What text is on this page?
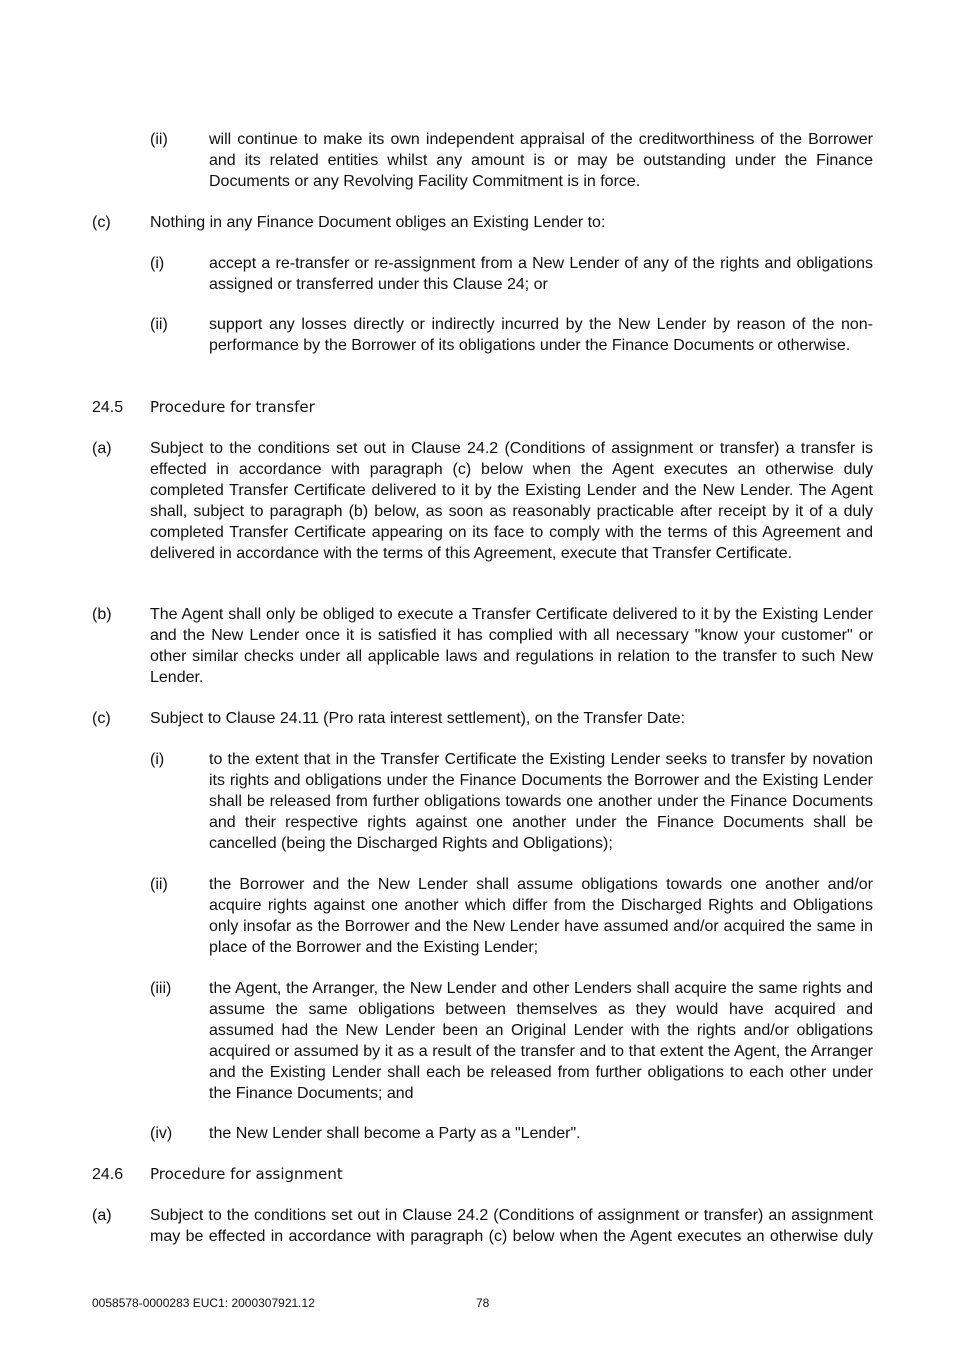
(ii)	will continue to make its own independent appraisal of the creditworthiness of the Borrower and its related entities whilst any amount is or may be outstanding under the Finance Documents or any Revolving Facility Commitment is in force.
(c) Nothing in any Finance Document obliges an Existing Lender to:
(i)	accept a re-transfer or re-assignment from a New Lender of any of the rights and obligations assigned or transferred under this Clause 24; or
(ii)	support any losses directly or indirectly incurred by the New Lender by reason of the non-performance by the Borrower of its obligations under the Finance Documents or otherwise.
24.5 Procedure for transfer
(a) Subject to the conditions set out in Clause 24.2 (Conditions of assignment or transfer) a transfer is effected in accordance with paragraph (c) below when the Agent executes an otherwise duly completed Transfer Certificate delivered to it by the Existing Lender and the New Lender. The Agent shall, subject to paragraph (b) below, as soon as reasonably practicable after receipt by it of a duly completed Transfer Certificate appearing on its face to comply with the terms of this Agreement and delivered in accordance with the terms of this Agreement, execute that Transfer Certificate.
(b) The Agent shall only be obliged to execute a Transfer Certificate delivered to it by the Existing Lender and the New Lender once it is satisfied it has complied with all necessary "know your customer" or other similar checks under all applicable laws and regulations in relation to the transfer to such New Lender.
(c) Subject to Clause 24.11 (Pro rata interest settlement), on the Transfer Date:
(i)	to the extent that in the Transfer Certificate the Existing Lender seeks to transfer by novation its rights and obligations under the Finance Documents the Borrower and the Existing Lender shall be released from further obligations towards one another under the Finance Documents and their respective rights against one another under the Finance Documents shall be cancelled (being the Discharged Rights and Obligations);
(ii)	the Borrower and the New Lender shall assume obligations towards one another and/or acquire rights against one another which differ from the Discharged Rights and Obligations only insofar as the Borrower and the New Lender have assumed and/or acquired the same in place of the Borrower and the Existing Lender;
(iii) the Agent, the Arranger, the New Lender and other Lenders shall acquire the same rights and assume the same obligations between themselves as they would have acquired and assumed had the New Lender been an Original Lender with the rights and/or obligations acquired or assumed by it as a result of the transfer and to that extent the Agent, the Arranger and the Existing Lender shall each be released from further obligations to each other under the Finance Documents; and
(iv) the New Lender shall become a Party as a "Lender".
24.6 Procedure for assignment
(a) Subject to the conditions set out in Clause 24.2 (Conditions of assignment or transfer) an assignment may be effected in accordance with paragraph (c) below when the Agent executes an otherwise duly
0058578-0000283 EUC1: 2000307921.12	78
